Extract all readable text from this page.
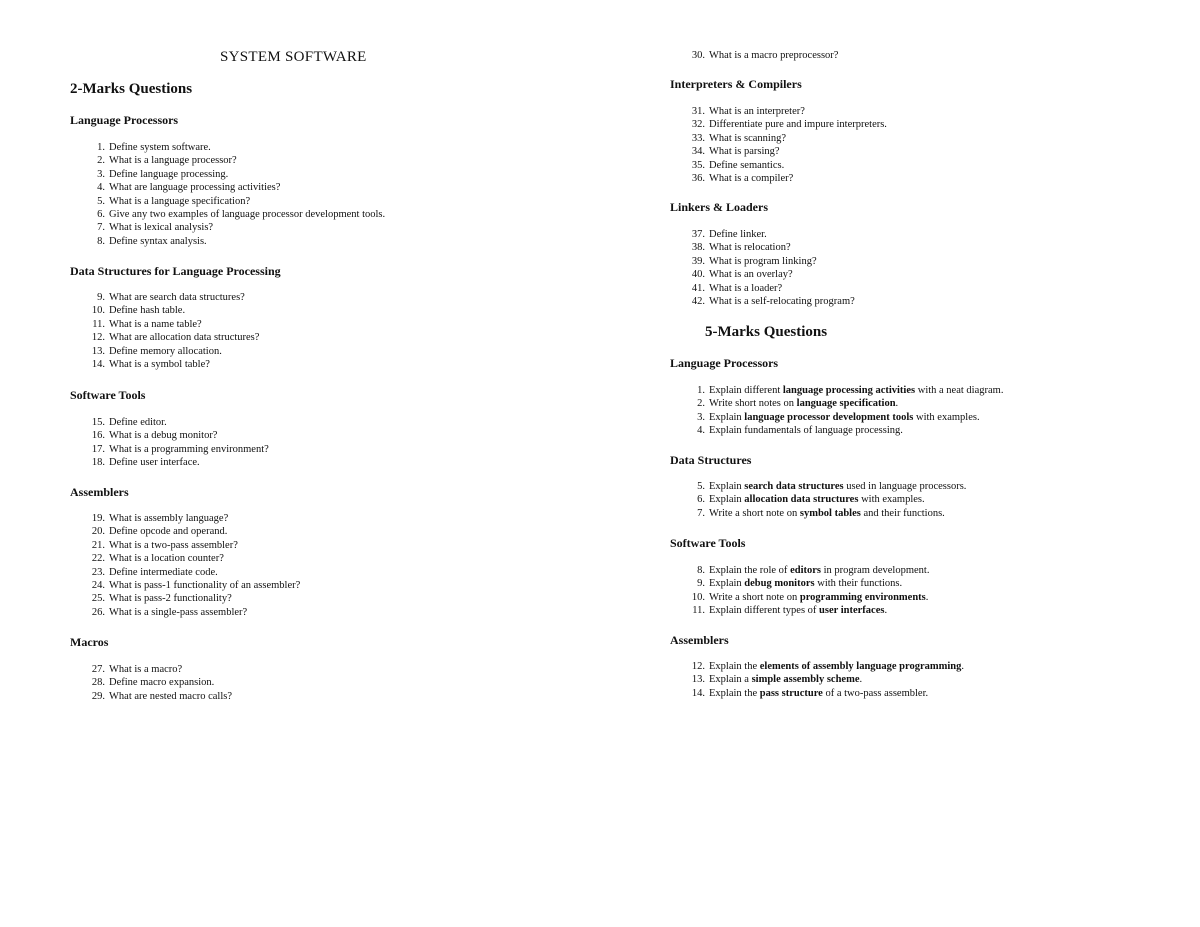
SYSTEM SOFTWARE
2-Marks Questions
Language Processors
1. Define system software.
2. What is a language processor?
3. Define language processing.
4. What are language processing activities?
5. What is a language specification?
6. Give any two examples of language processor development tools.
7. What is lexical analysis?
8. Define syntax analysis.
Data Structures for Language Processing
9. What are search data structures?
10. Define hash table.
11. What is a name table?
12. What are allocation data structures?
13. Define memory allocation.
14. What is a symbol table?
Software Tools
15. Define editor.
16. What is a debug monitor?
17. What is a programming environment?
18. Define user interface.
Assemblers
19. What is assembly language?
20. Define opcode and operand.
21. What is a two-pass assembler?
22. What is a location counter?
23. Define intermediate code.
24. What is pass-1 functionality of an assembler?
25. What is pass-2 functionality?
26. What is a single-pass assembler?
Macros
27. What is a macro?
28. Define macro expansion.
29. What are nested macro calls?
30. What is a macro preprocessor?
Interpreters & Compilers
31. What is an interpreter?
32. Differentiate pure and impure interpreters.
33. What is scanning?
34. What is parsing?
35. Define semantics.
36. What is a compiler?
Linkers & Loaders
37. Define linker.
38. What is relocation?
39. What is program linking?
40. What is an overlay?
41. What is a loader?
42. What is a self-relocating program?
5-Marks Questions
Language Processors
1. Explain different language processing activities with a neat diagram.
2. Write short notes on language specification.
3. Explain language processor development tools with examples.
4. Explain fundamentals of language processing.
Data Structures
5. Explain search data structures used in language processors.
6. Explain allocation data structures with examples.
7. Write a short note on symbol tables and their functions.
Software Tools
8. Explain the role of editors in program development.
9. Explain debug monitors with their functions.
10. Write a short note on programming environments.
11. Explain different types of user interfaces.
Assemblers
12. Explain the elements of assembly language programming.
13. Explain a simple assembly scheme.
14. Explain the pass structure of a two-pass assembler.
